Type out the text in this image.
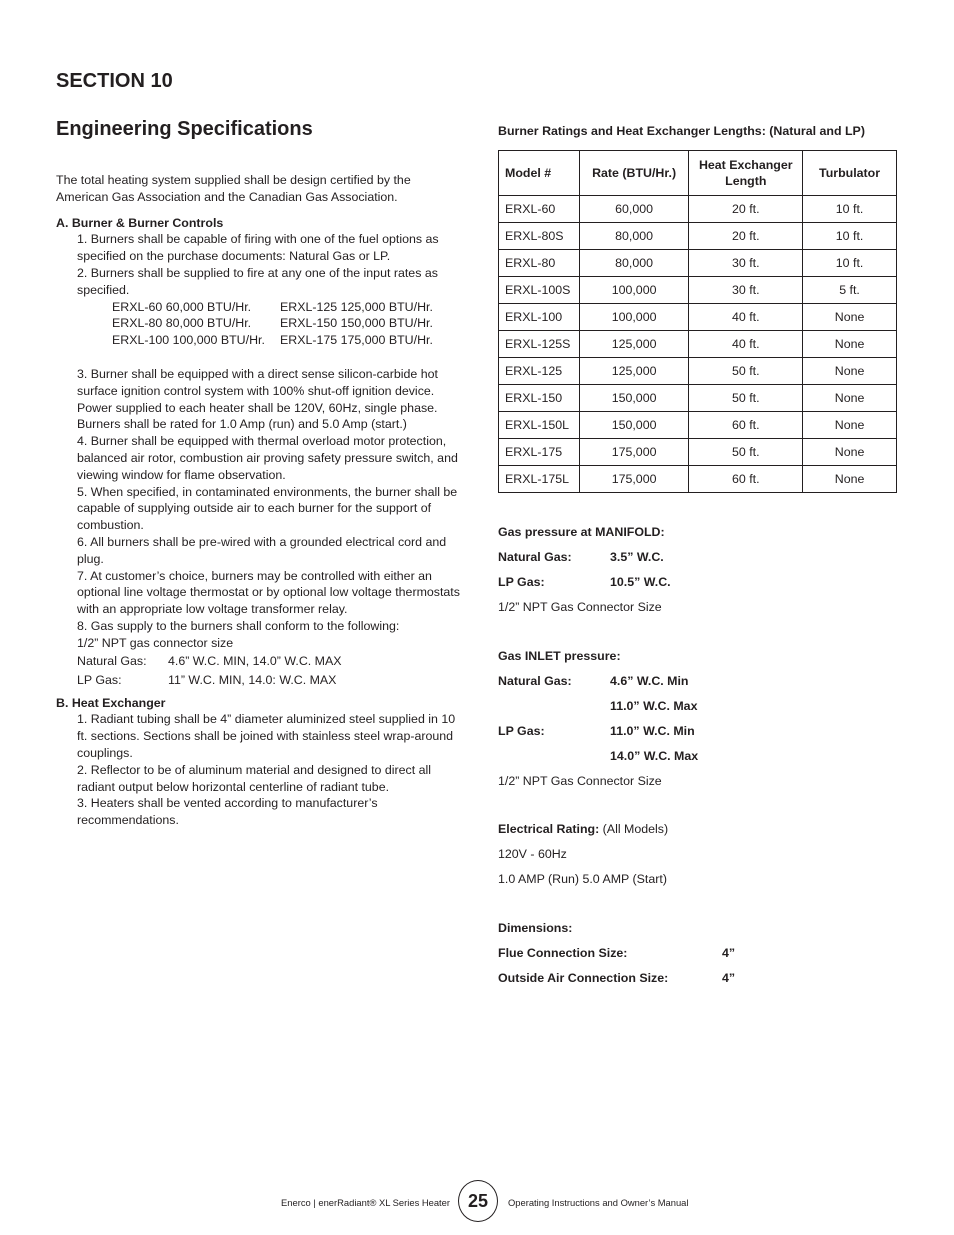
SECTION 10
Engineering Specifications

The total heating system supplied shall be design certified by the American Gas Association and the Canadian Gas Association.

A. Burner & Burner Controls

1. Burners shall be capable of firing with one of the fuel options as specified on the purchase documents: Natural Gas or LP.

2. Burners shall be supplied to fire at any one of the input rates as specified.

ERXL-60 60,000 BTU/Hr.	ERXL-125 125,000 BTU/Hr.
ERXL-80 80,000 BTU/Hr.	ERXL-150 150,000 BTU/Hr.
ERXL-100 100,000 BTU/Hr.	ERXL-175 175,000 BTU/Hr.

3. Burner shall be equipped with a direct sense silicon-carbide hot surface ignition control system with 100% shut-off ignition device. Power supplied to each heater shall be 120V, 60Hz, single phase. Burners shall be rated for 1.0 Amp (run) and 5.0 Amp (start.)

4. Burner shall be equipped with thermal overload motor protection, balanced air rotor, combustion air proving safety pressure switch, and viewing window for flame observation.

5. When specified, in contaminated environments, the burner shall be capable of supplying outside air to each burner for the support of combustion.

6. All burners shall be pre-wired with a grounded electrical cord and plug.

7. At customer’s choice, burners may be controlled with either an optional line voltage thermostat or by optional low voltage thermostats with an appropriate low voltage transformer relay.

8. Gas supply to the burners shall conform to the following:

1/2” NPT gas connector size

Natural Gas:	4.6” W.C. MIN, 14.0” W.C. MAX
LP Gas:	11” W.C. MIN, 14.0: W.C. MAX

B. Heat Exchanger

1. Radiant tubing shall be 4” diameter aluminized steel supplied in 10 ft. sections. Sections shall be joined with stainless steel wrap-around couplings.

2. Reflector to be of aluminum material and designed to direct all radiant output below horizontal centerline of radiant tube.

3. Heaters shall be vented according to manufacturer’s recommendations.

Burner Ratings and Heat Exchanger Lengths: (Natural and LP)

Model #	Rate (BTU/Hr.)	Heat Exchanger Length	Turbulator
ERXL-60	60,000	20 ft.	10 ft.
ERXL-80S	80,000	20 ft.	10 ft.
ERXL-80	80,000	30 ft.	10 ft.
ERXL-100S	100,000	30 ft.	5 ft.
ERXL-100	100,000	40 ft.	None
ERXL-125S	125,000	40 ft.	None
ERXL-125	125,000	50 ft.	None
ERXL-150	150,000	50 ft.	None
ERXL-150L	150,000	60 ft.	None
ERXL-175	175,000	50 ft.	None
ERXL-175L	175,000	60 ft.	None
Gas pressure at MANIFOLD:
Natural Gas:	3.5” W.C.
LP Gas:	10.5” W.C.
1/2” NPT Gas Connector Size
Gas INLET pressure:
Natural Gas:	4.6” W.C. Min
11.0” W.C. Max
LP Gas:	11.0” W.C. Min
14.0” W.C. Max
1/2” NPT Gas Connector Size
Electrical Rating:
(All Models)
120V - 60Hz
1.0 AMP (Run) 5.0 AMP (Start)
Dimensions:
Flue Connection Size:	4”
Outside Air Connection Size:	4”
Enerco | enerRadiant® XL Series Heater 25	Operating Instructions and Owner’s Manual
